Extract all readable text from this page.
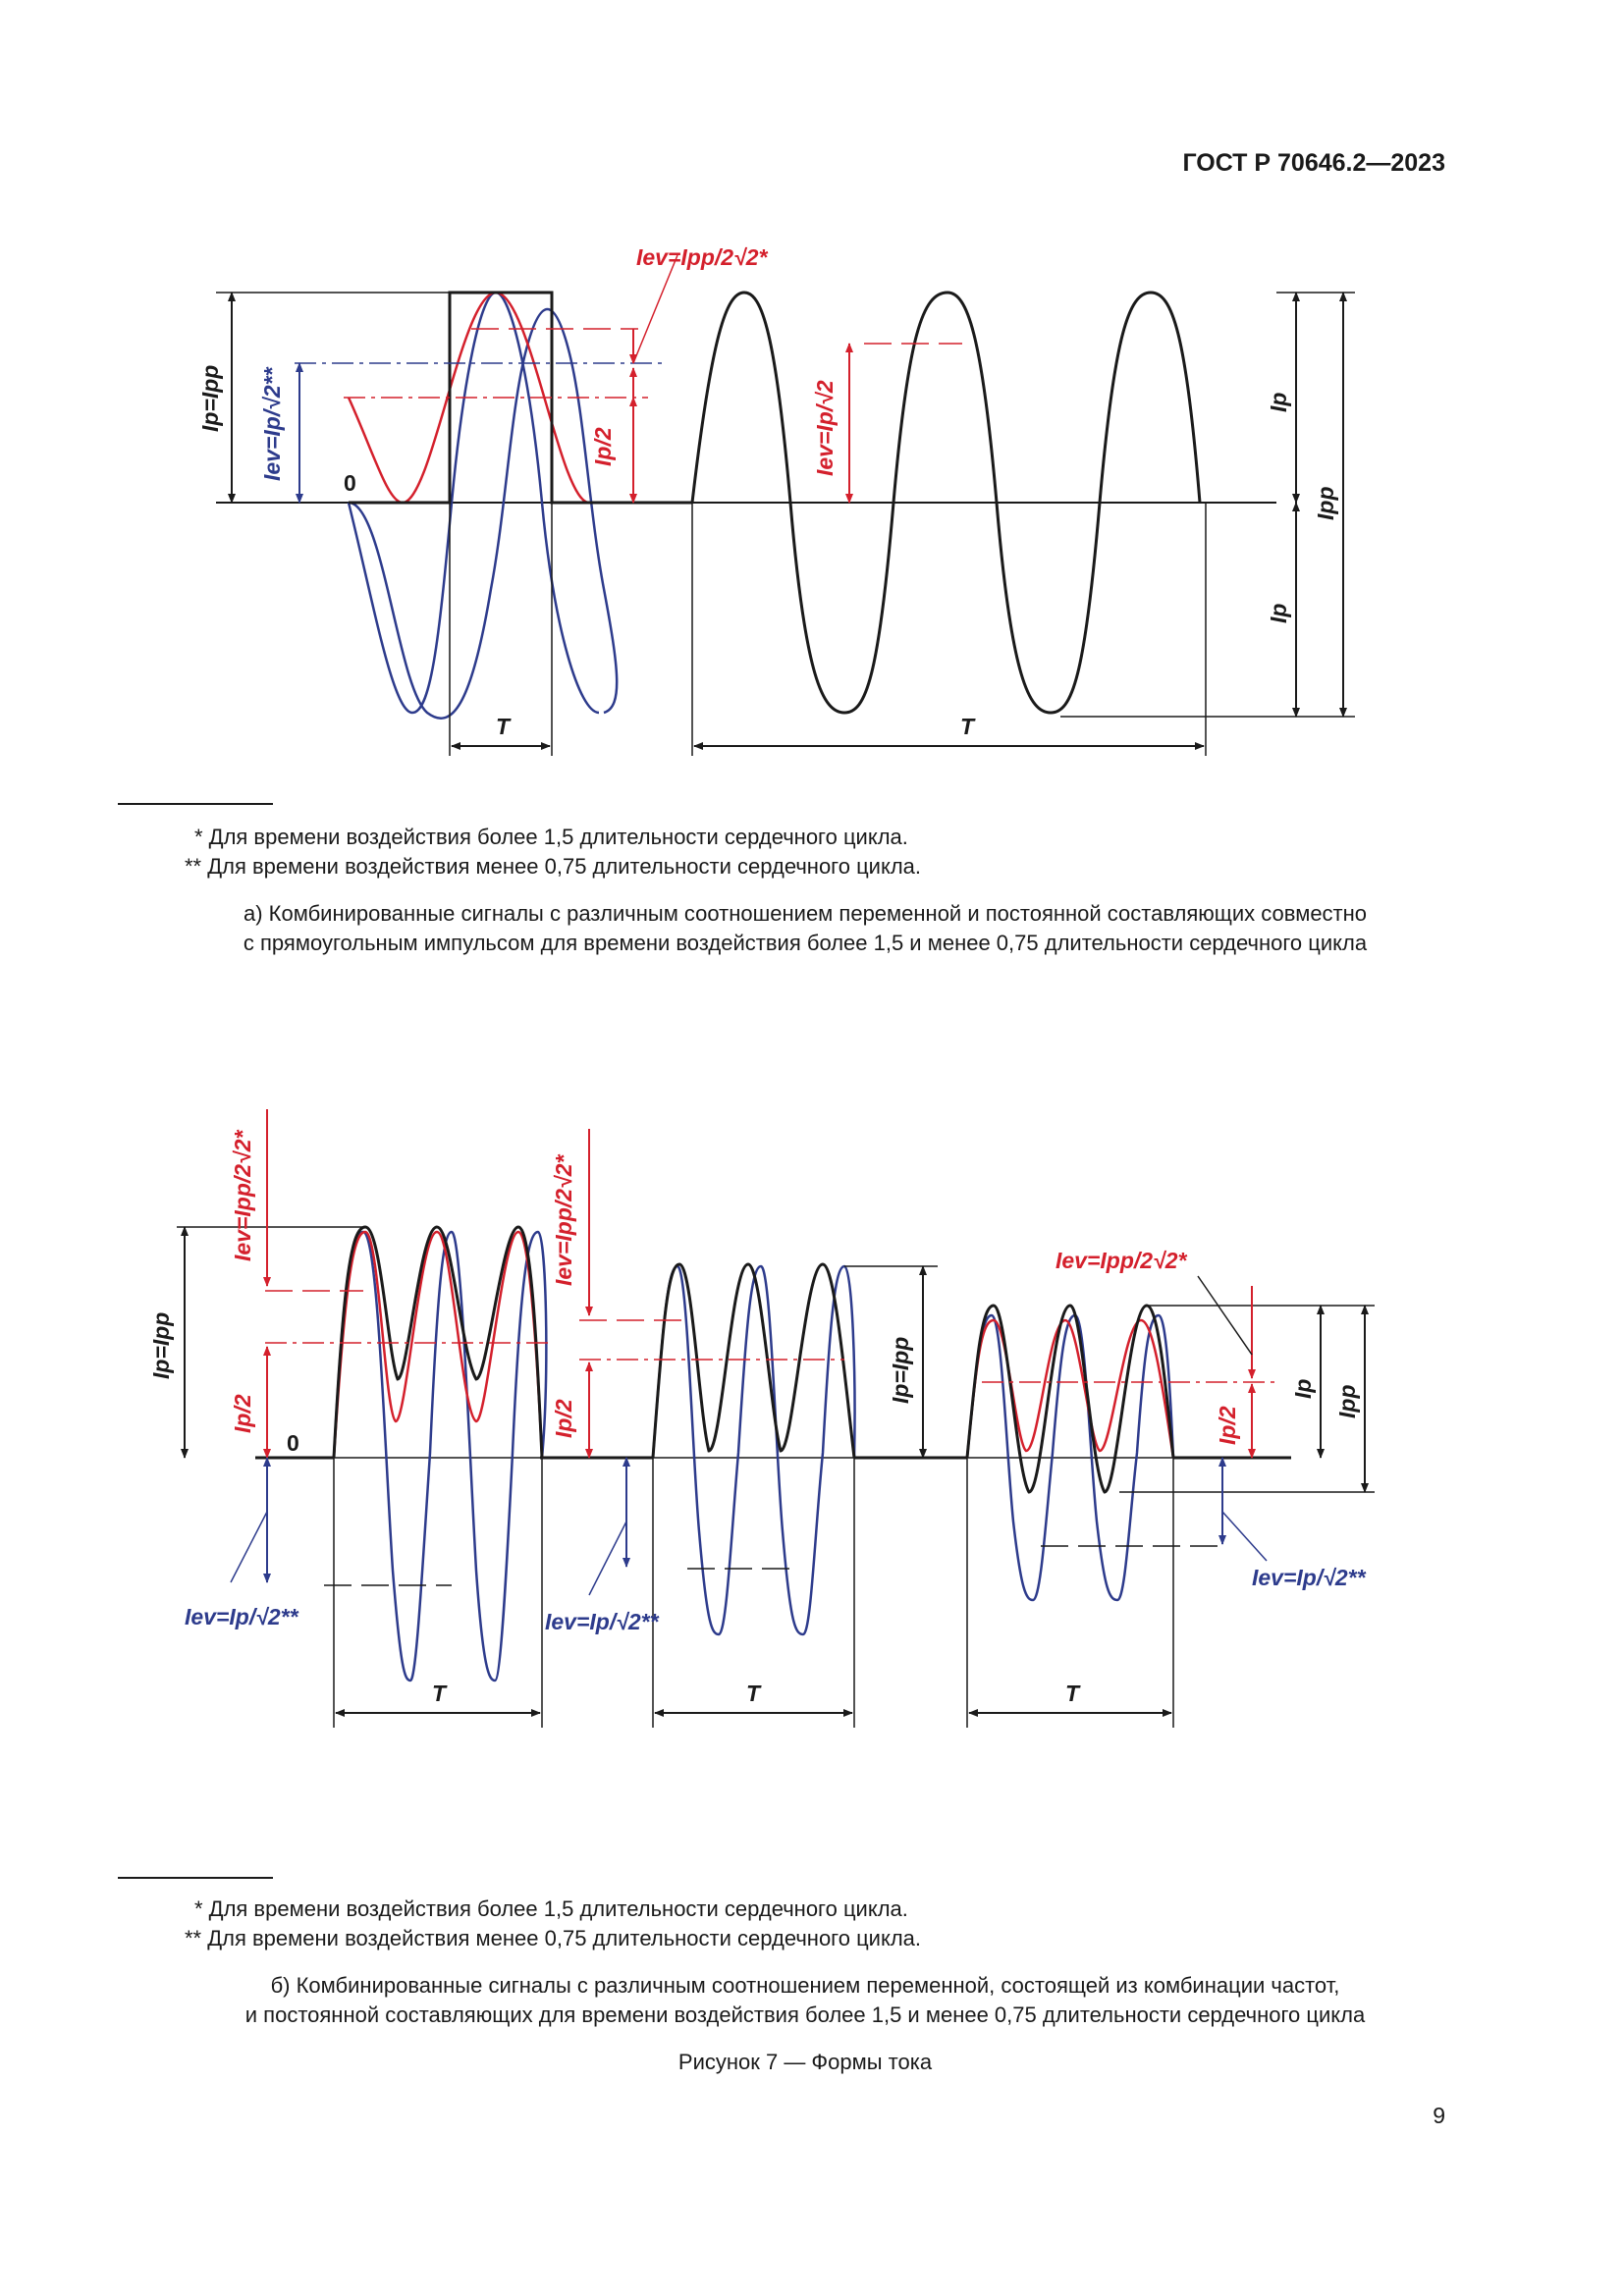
ГОСТ Р 70646.2—2023
Ip=Ipp Iev=Ip/√2**
Iev=Ipp/2√2*
Ip/2	Iev=Ip/√2
0
Ip
Ip
Ipp
T	T
* Для времени воздействия более 1,5 длительности сердечного цикла.
** Для времени воздействия менее 0,75 длительности сердечного цикла.
а) Комбинированные сигналы с различным соотношением переменной и постоянной составляющих совместно
с прямоугольным импульсом для времени воздействия более 1,5 и менее 0,75 длительности сердечного цикла
Iev=Ipp/2√2*	Iev=Ipp/2√2*	Iev=Ipp/2√2*
Ip=Ipp	Ip=Ipp
Ip/2	Ip/2	Ip/2
0
Ip Ipp
Iev=Ip/√2**	Iev=Ip/√2**
Iev=Ip/√2**
T	T	T
* Для времени воздействия более 1,5 длительности сердечного цикла.
** Для времени воздействия менее 0,75 длительности сердечного цикла.
б) Комбинированные сигналы с различным соотношением переменной, состоящей из комбинации частот,
и постоянной составляющих для времени воздействия более 1,5 и менее 0,75 длительности сердечного цикла
Рисунок 7 — Формы тока
9
